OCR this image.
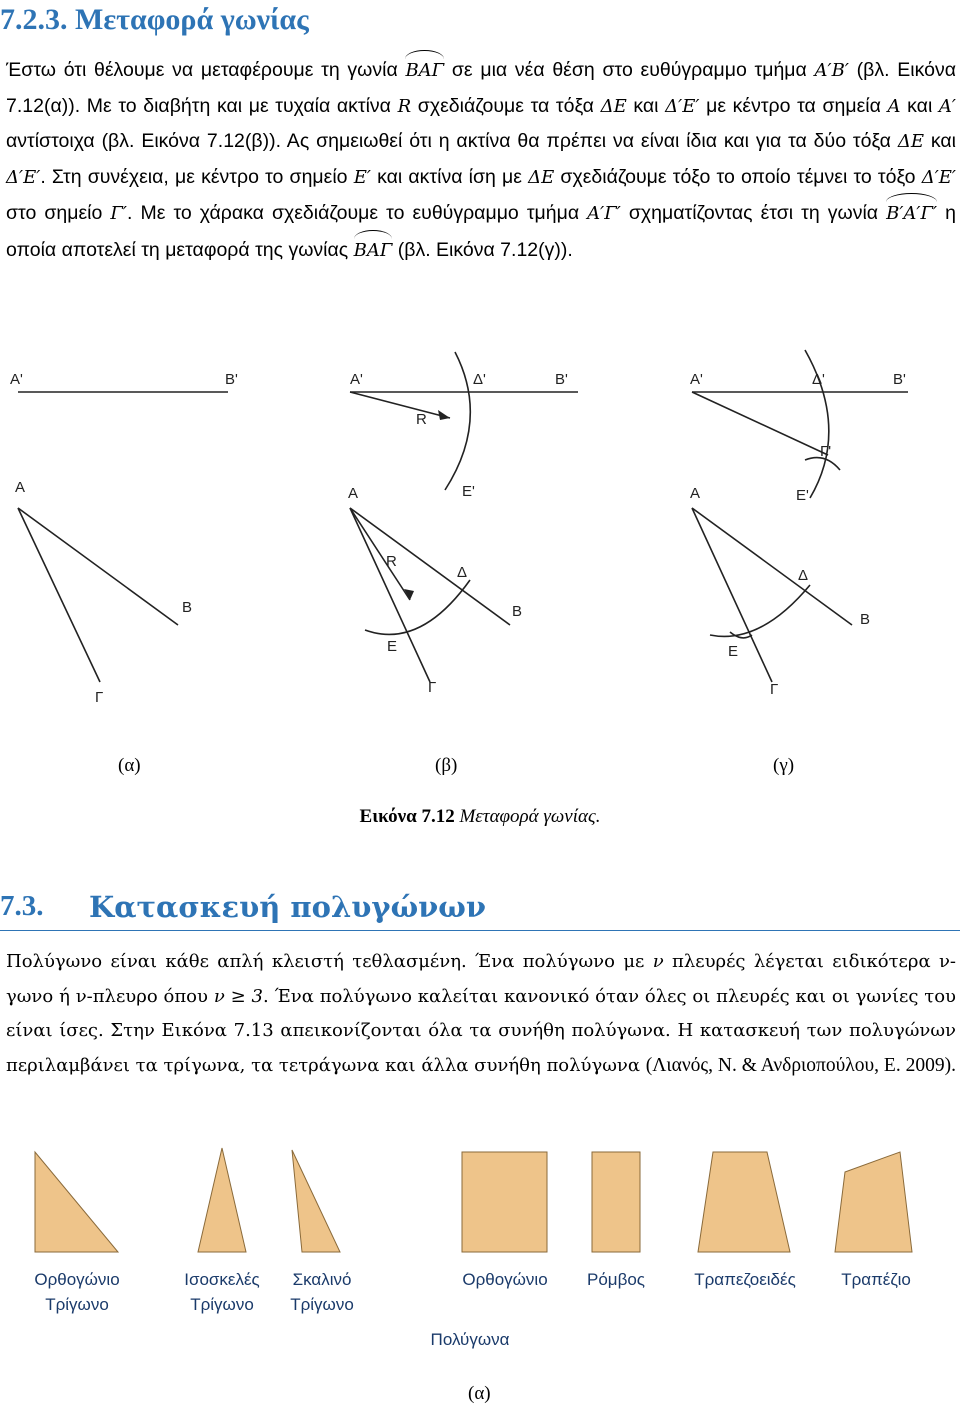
7.2.3. Μεταφορά γωνίας

Έστω ότι θέλουμε να μεταφέρουμε τη γωνία BAΓ σε μια νέα θέση στο ευθύγραμμο τμήμα A′B′ (βλ. Εικόνα 7.12(α)). Με το διαβήτη και με τυχαία ακτίνα R σχεδιάζουμε τα τόξα ΔE και Δ′E′ με κέντρο τα σημεία A και A′ αντίστοιχα (βλ. Εικόνα 7.12(β)). Ας σημειωθεί ότι η ακτίνα θα πρέπει να είναι ίδια και για τα δύο τόξα ΔE και Δ′E′. Στη συνέχεια, με κέντρο το σημείο E′ και ακτίνα ίση με ΔE σχεδιάζουμε τόξο το οποίο τέμνει το τόξο Δ′E′ στο σημείο Γ′. Με το χάρακα σχεδιάζουμε το ευθύγραμμο τμήμα A′Γ′ σχηματίζοντας έτσι τη γωνία B′A′Γ′ η οποία αποτελεί τη μεταφορά της γωνίας BAΓ (βλ. Εικόνα 7.12(γ)).

A'	B'
A
B
Γ
A'	Δ'	B'
R
E'
A
R
Δ
B
E
Γ
A'	Δ'	B'
Γ'
E'
A
Δ
B
E
Γ
(α)	(β)	(γ)
Εικόνα 7.12 Μεταφορά γωνίας.
7.3. Κατασκευή πολυγώνων
Πολύγωνο είναι κάθε απλή κλειστή τεθλασμένη. Ένα πολύγωνο με ν πλευρές λέγεται ειδικότερα ν-γωνο ή ν-πλευρο όπου ν ≥ 3. Ένα πολύγωνο καλείται κανονικό όταν όλες οι πλευρές και οι γωνίες του είναι ίσες. Στην Εικόνα 7.13 απεικονίζονται όλα τα συνήθη πολύγωνα. Η κατασκευή των πολυγώνων περιλαμβάνει τα τρίγωνα, τα τετράγωνα και άλλα συνήθη πολύγωνα (Λιανός, Ν. & Ανδριοπούλου, Ε. 2009).
Ορθογώνιο
Τρίγωνο
Ισοσκελές
Τρίγωνο
Σκαλινό
Τρίγωνο
Ορθογώνιο Ρόμβος	Τραπεζοειδές	Τραπέζιο
Πολύγωνα
(α)
